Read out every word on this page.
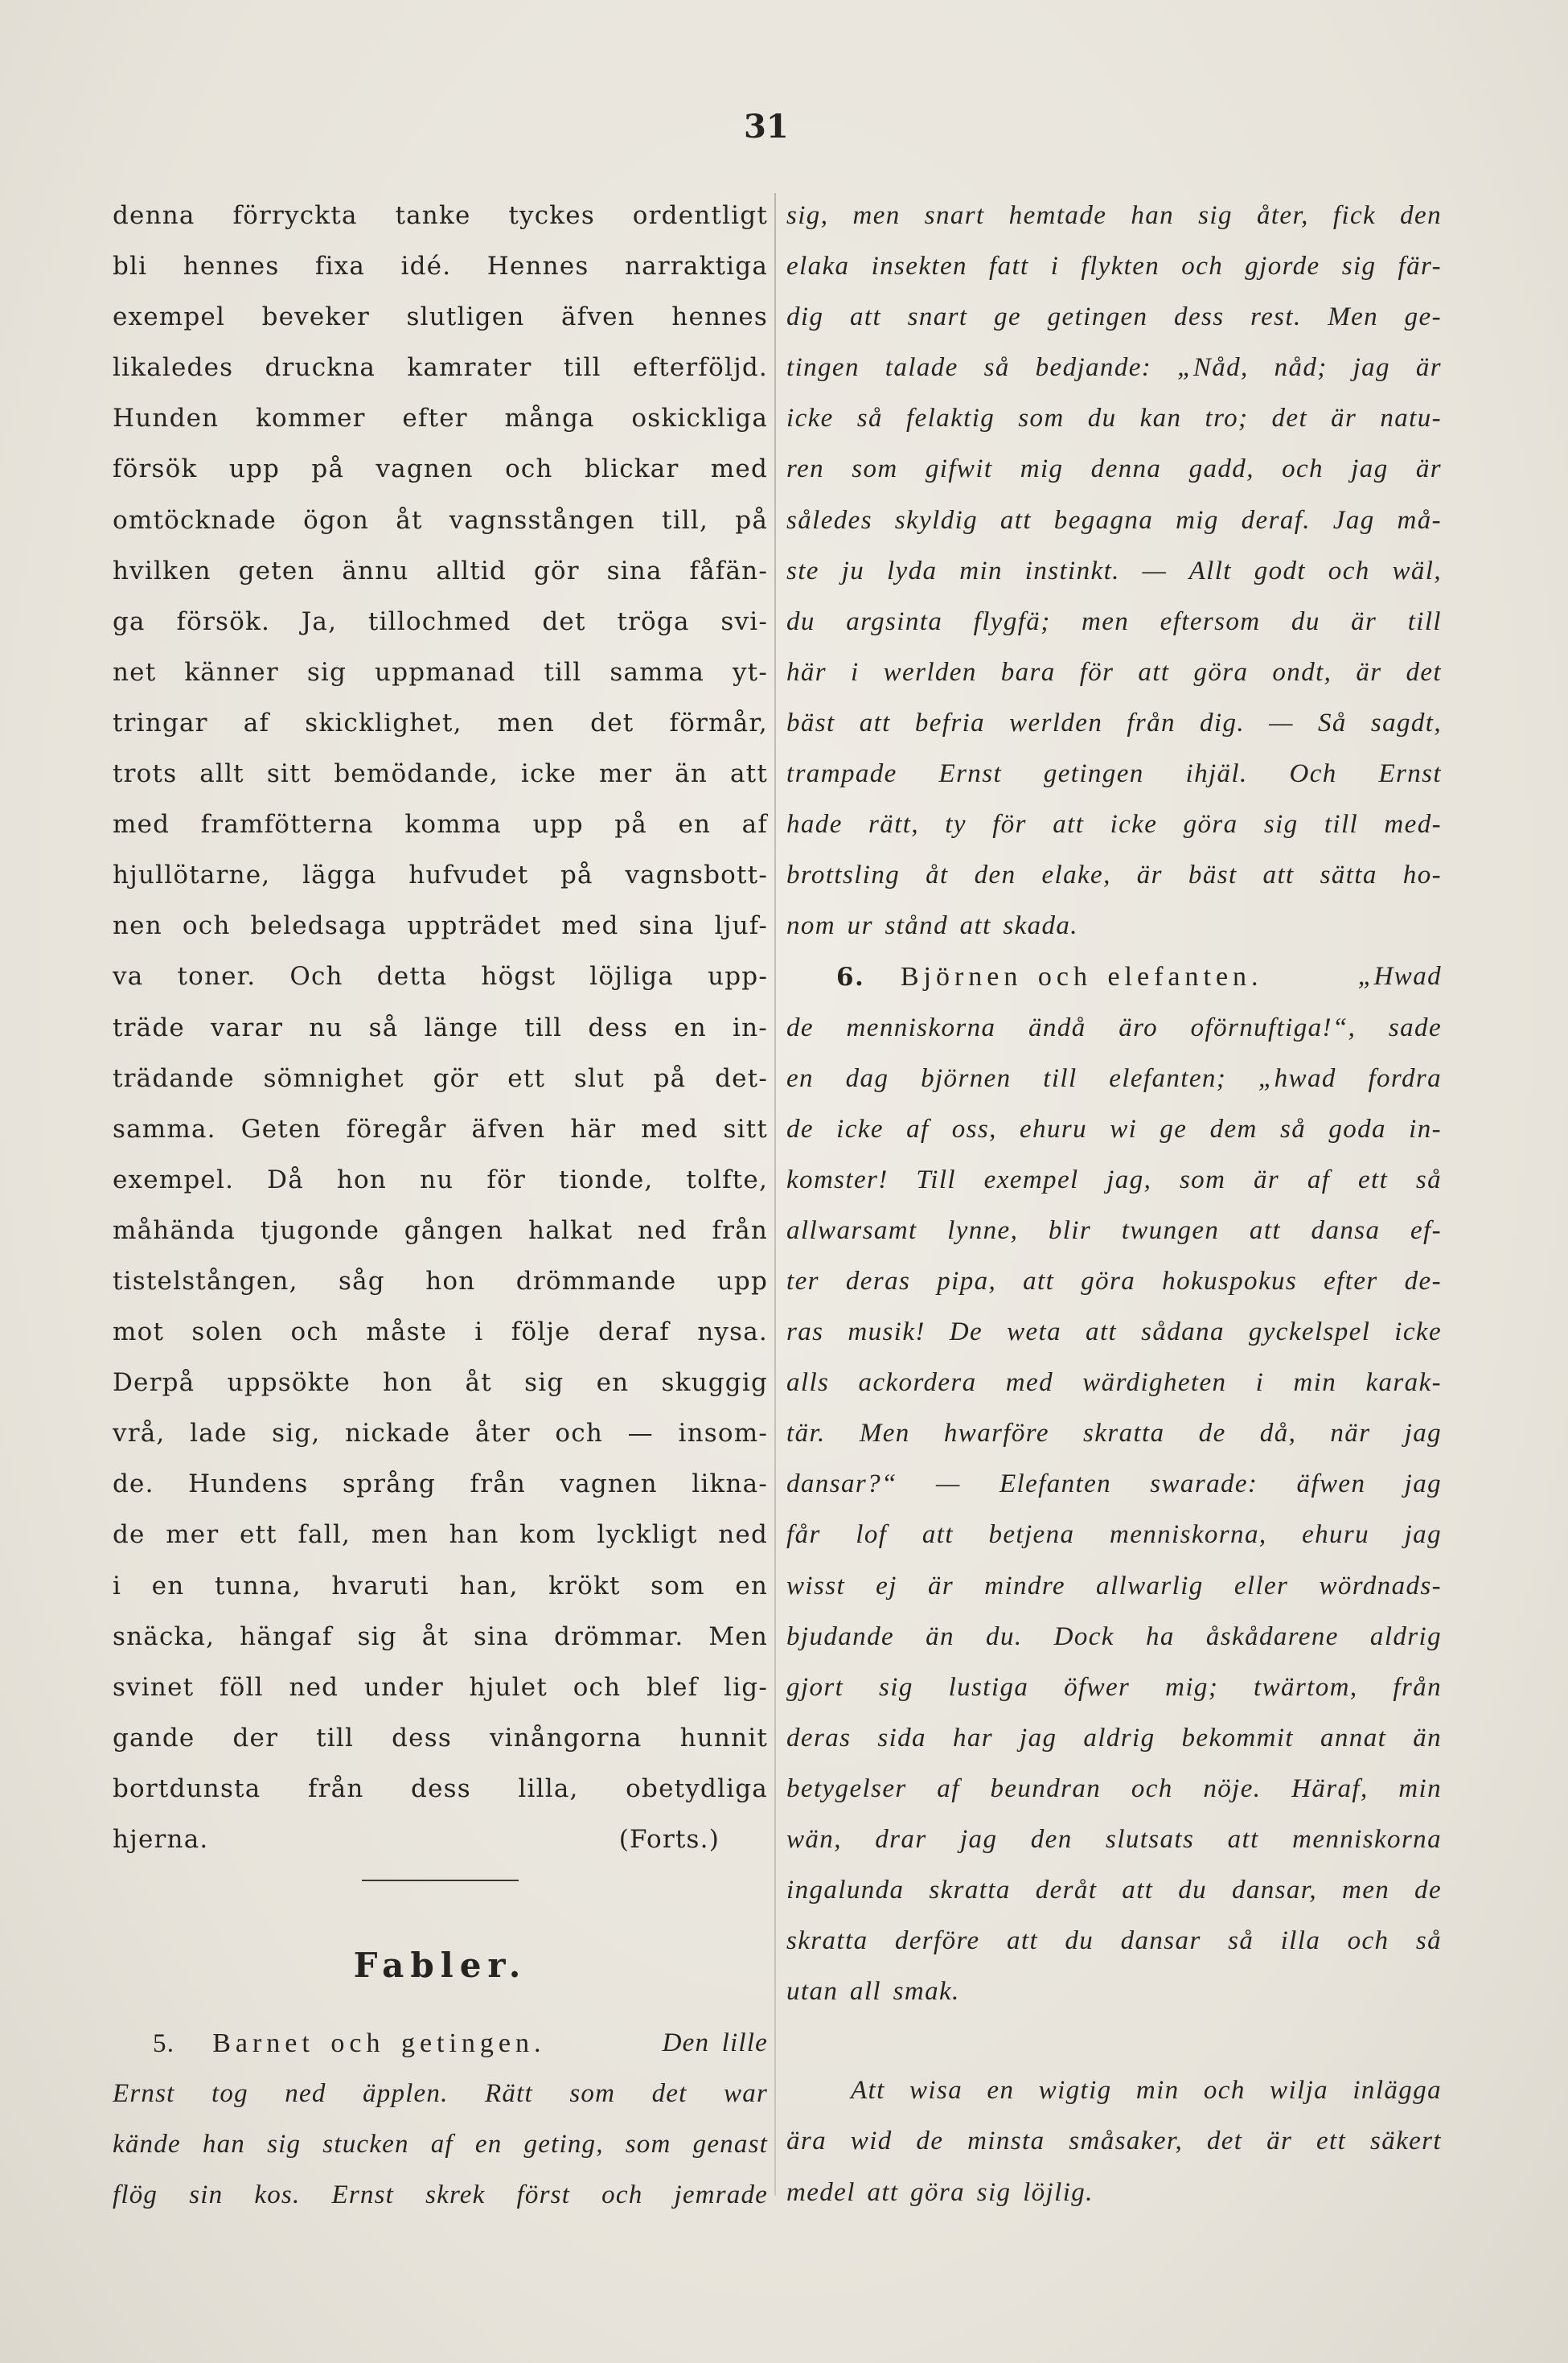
31
denna förryckta tanke tyckes ordentligt
bli hennes fixa idé. Hennes narraktiga
exempel beveker slutligen äfven hennes
likaledes druckna kamrater till efterföljd.
Hunden kommer efter många oskickliga
försök upp på vagnen och blickar med
omtöcknade ögon åt vagnsstången till, på
hvilken geten ännu alltid gör sina fåfän-
ga försök. Ja, tillochmed det tröga svi-
net känner sig uppmanad till samma yt-
tringar af skicklighet, men det förmår,
trots allt sitt bemödande, icke mer än att
med framfötterna komma upp på en af
hjullötarne, lägga hufvudet på vagnsbott-
nen och beledsaga uppträdet med sina ljuf-
va toner. Och detta högst löjliga upp-
träde varar nu så länge till dess en in-
trädande sömnighet gör ett slut på det-
samma. Geten föregår äfven här med sitt
exempel. Då hon nu för tionde, tolfte,
måhända tjugonde gången halkat ned från
tistelstången, såg hon drömmande upp
mot solen och måste i följe deraf nysa.
Derpå uppsökte hon åt sig en skuggig
vrå, lade sig, nickade åter och — insom-
de. Hundens språng från vagnen liknа-
de mer ett fall, men han kom lyckligt ned
i en tunna, hvaruti han, krökt som en
snäcka, hängaf sig åt sina drömmar. Men
svinet föll ned under hjulet och blef lig-
gande der till dess vinångorna hunnit
bortdunsta från dess lilla, obetydliga
hjerna.	(Forts.)
Fabler.
5. Barnet och getingen.	Den lille
Ernst tog ned äpplen. Rätt som det war
kände han sig stucken af en geting, som genast
flög sin kos. Ernst skrek först och jemrade
sig, men snart hemtade han sig åter, fick den
elaka insekten fatt i flykten och gjorde sig fär-
dig att snart ge getingen dess rest. Men ge-
tingen talade så bedjande: „Nåd, nåd; jag är
icke så felaktig som du kan tro; det är natu-
ren som gifwit mig denna gadd, och jag är
således skyldig att begagna mig deraf. Jag må-
ste ju lyda min instinkt. — Allt godt och wäl,
du argsinta flygfä; men eftersom du är till
här i werlden bara för att göra ondt, är det
bäst att befria werlden från dig. — Så sagdt,
trampade Ernst getingen ihjäl. Och Ernst
hade rätt, ty för att icke göra sig till med-
brottsling åt den elake, är bäst att sätta ho-
nom ur stånd att skada.
6. Björnen och elefanten.	„Hwad
de menniskorna ändå äro oförnuftiga!“, sade
en dag björnen till elefanten; „hwad fordra
de icke af oss, ehuru wi ge dem så goda in-
komster! Till exempel jag, som är af ett så
allwarsamt lynne, blir twungen att dansa ef-
ter deras pipa, att göra hokuspokus efter de-
ras musik! De weta att sådana gyckelspel icke
alls ackordera med wärdigheten i min karak-
tär. Men hwarföre skratta de då, när jag
dansar?“ — Elefanten swarade: äfwen jag
får lof att betjena menniskorna, ehuru jag
wisst ej är mindre allwarlig eller wördnads-
bjudande än du. Dock ha åskådarene aldrig
gjort sig lustiga öfwer mig; twärtom, från
deras sida har jag aldrig bekommit annat än
betygelser af beundran och nöje. Härаf, min
wän, drar jag den slutsats att menniskorna
ingalunda skratta deråt att du dansar, men de
skratta derföre att du dansar så illa och så
utan all smak.
Att wisa en wigtig min och wilja inlägga
ära wid de minsta småsaker, det är ett säkert
medel att göra sig löjlig.
